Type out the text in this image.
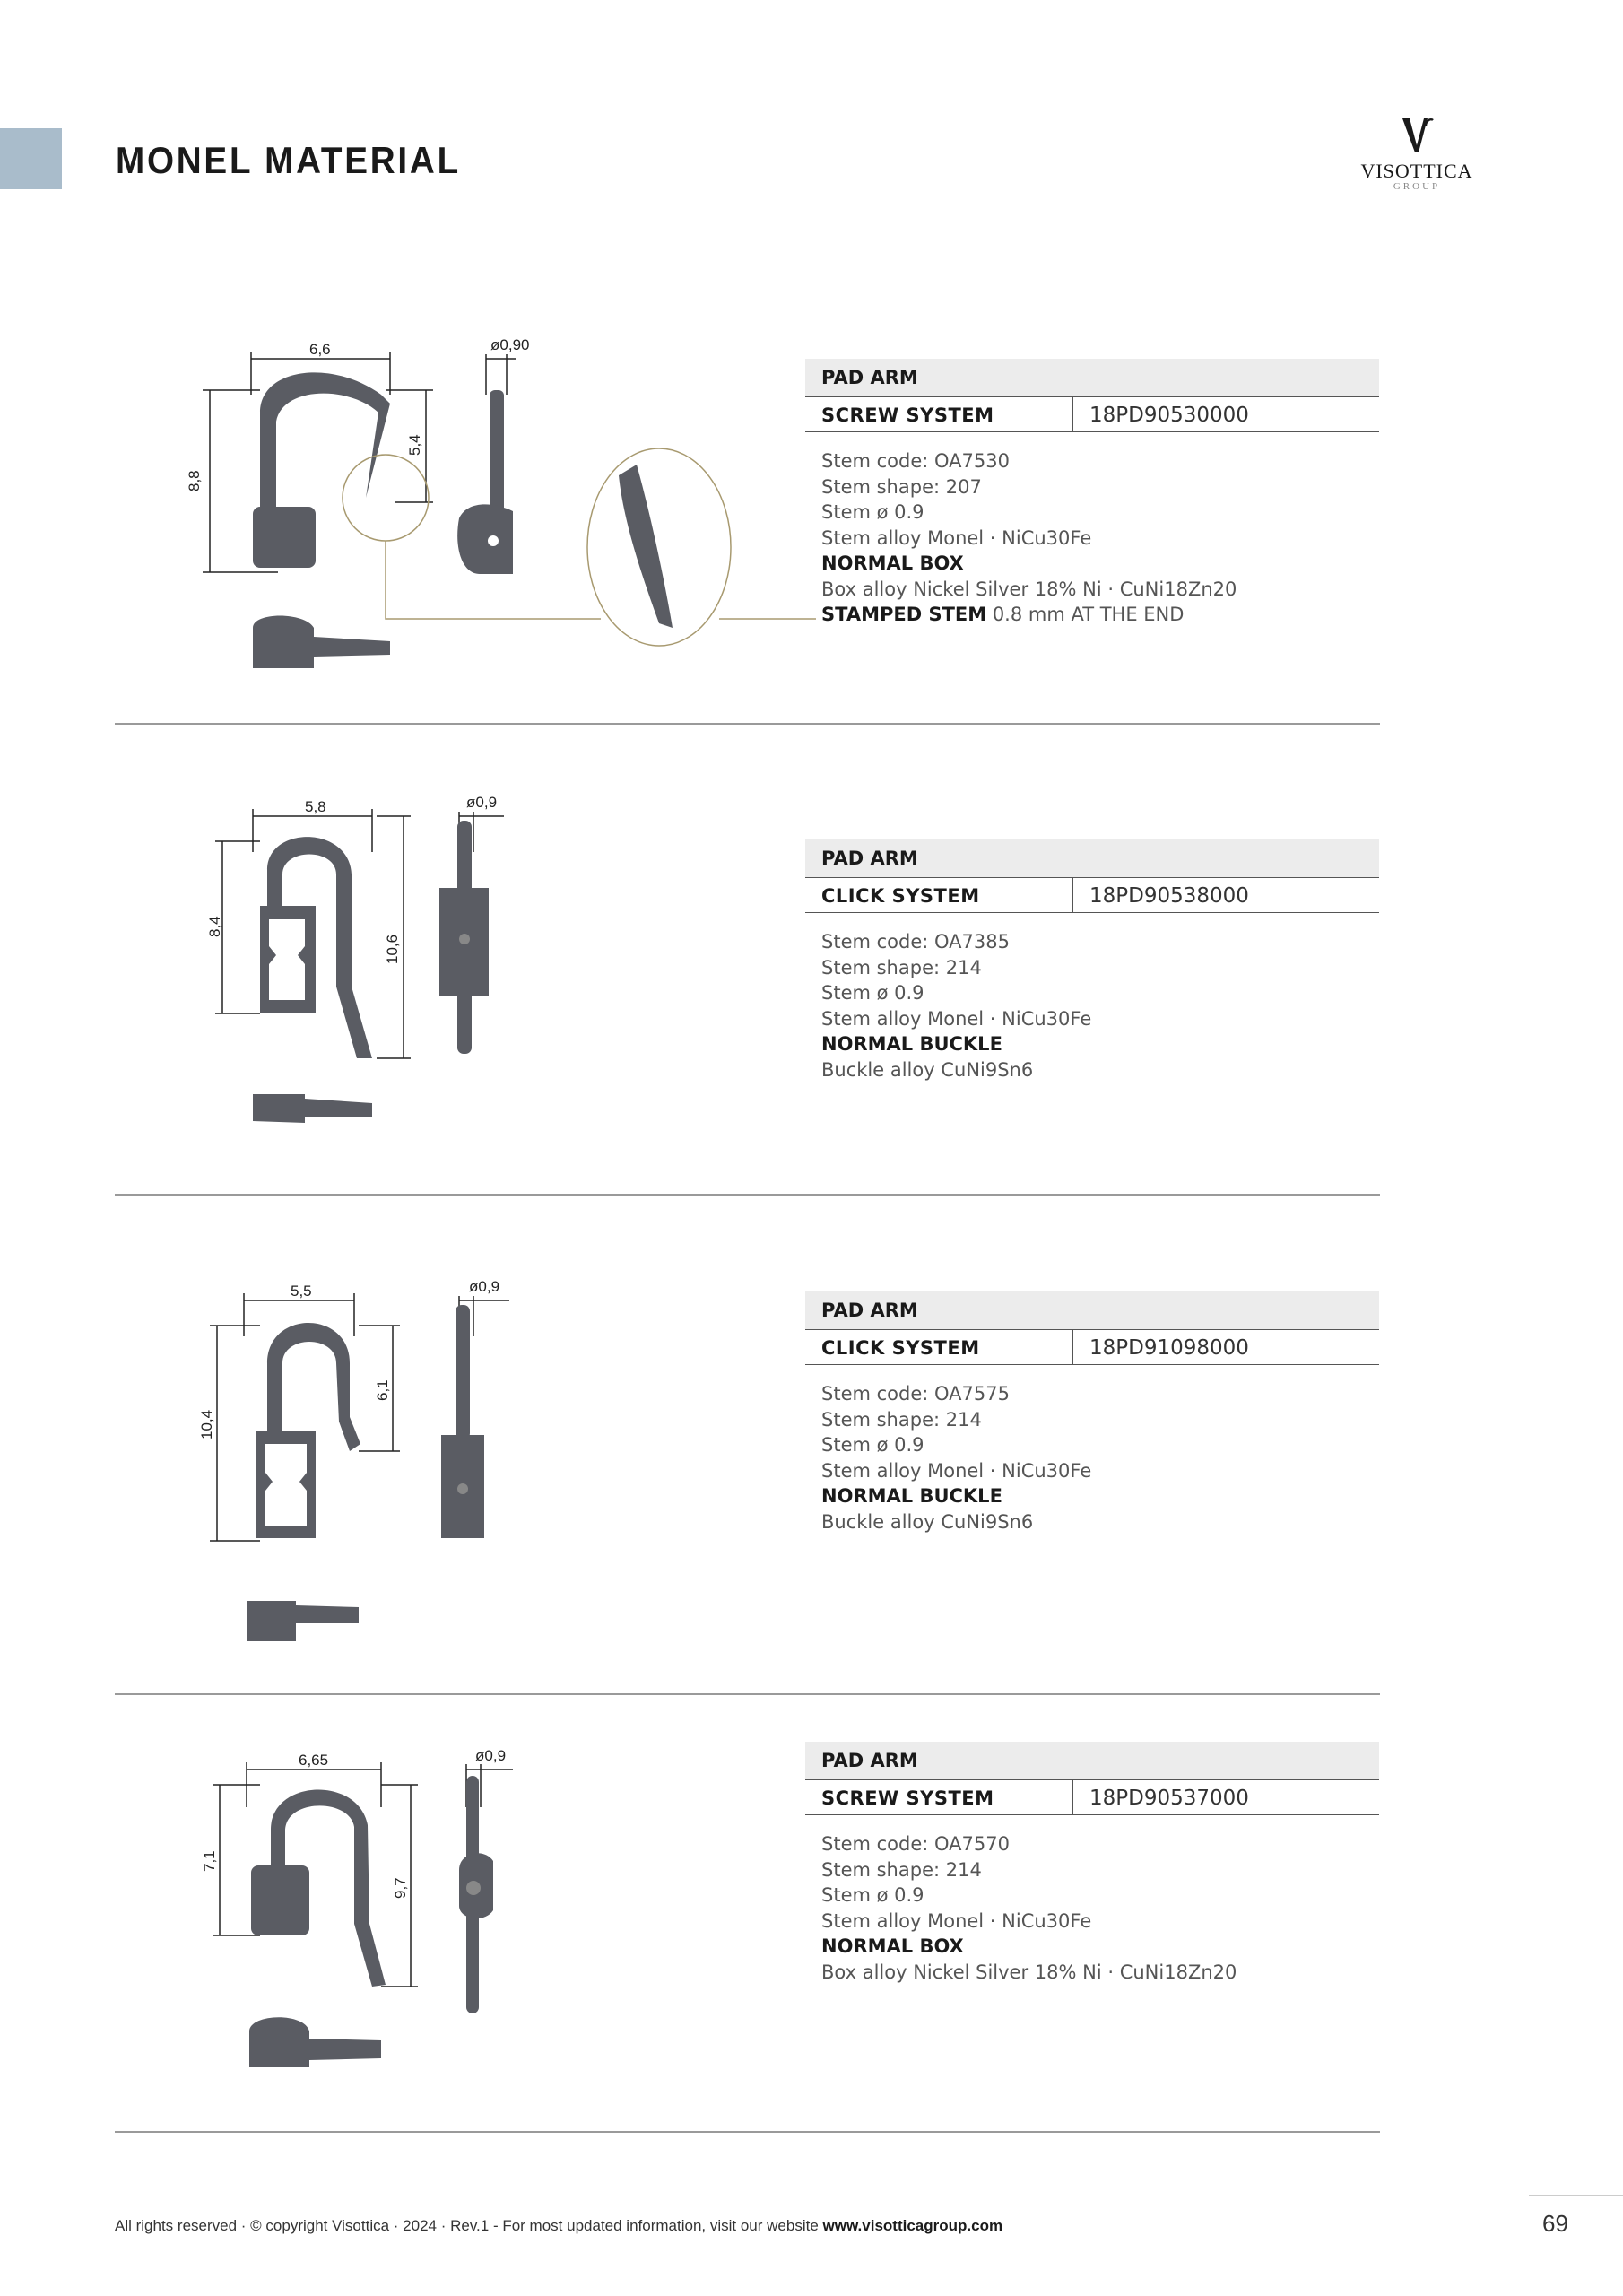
MONEL MATERIAL	VISOTTICA
GROUP
6,6	ø0,90
8,8
5,4
PAD ARM
SCREW SYSTEM	18PD90530000
Stem code: OA7530
Stem shape: 207
Stem ø 0.9
Stem alloy Monel · NiCu30Fe
NORMAL BOX
Box alloy Nickel Silver 18% Ni · CuNi18Zn20
STAMPED STEM 0.8 mm AT THE END
5,8	ø0,9
8,4
10,6
PAD ARM
CLICK SYSTEM	18PD90538000
Stem code: OA7385
Stem shape: 214
Stem ø 0.9
Stem alloy Monel · NiCu30Fe
NORMAL BUCKLE
Buckle alloy CuNi9Sn6
5,5	ø0,9
10,4
6,1
PAD ARM
CLICK SYSTEM	18PD91098000
Stem code: OA7575
Stem shape: 214
Stem ø 0.9
Stem alloy Monel · NiCu30Fe
NORMAL BUCKLE
Buckle alloy CuNi9Sn6
6,65	ø0,9
7,1
9,7
PAD ARM
SCREW SYSTEM	18PD90537000
Stem code: OA7570
Stem shape: 214
Stem ø 0.9
Stem alloy Monel · NiCu30Fe
NORMAL BOX
Box alloy Nickel Silver 18% Ni · CuNi18Zn20
All rights reserved · © copyright Visottica · 2024 · Rev.1 - For most updated information, visit our website www.visotticagroup.com	69
